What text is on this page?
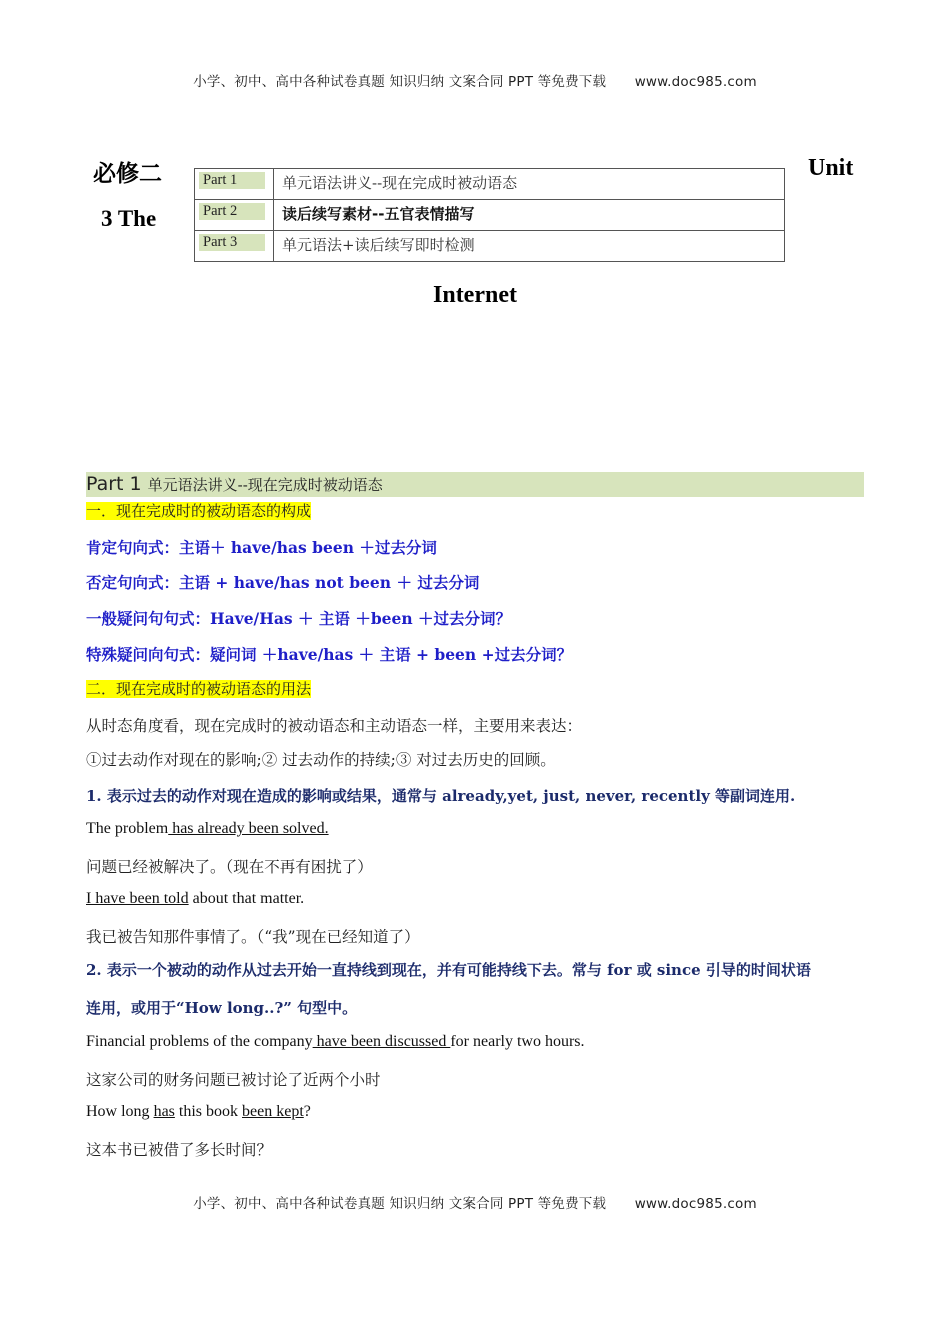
小学、初中、高中各种试卷真题 知识归纳 文案合同 PPT 等免费下载 www.doc985.com
必修二
3 The
Unit
Internet
Part 1	单元语法讲义--现在完成时被动语态

Part 2	读后续写素材--五官表情描写

Part 3	单元语法+读后续写即时检测
Part 1 单元语法讲义--现在完成时被动语态
一．现在完成时的被动语态的构成
肯定句向式：主语＋ have/has been ＋过去分词
否定句向式：主语 + have/has not been ＋ 过去分词
一般疑问句句式：Have/Has ＋ 主语 ＋been ＋过去分词？
特殊疑问向句式：疑问词 ＋have/has ＋ 主语 + been +过去分词？
二．现在完成时的被动语态的用法
从时态角度看，现在完成时的被动语态和主动语态一样，主要用来表达：
①过去动作对现在的影响;② 过去动作的持续;③ 对过去历史的回顾。
1. 表示过去的动作对现在造成的影响或结果，通常与 already,yet, just, never, recently 等副词连用.
The problem has already been solved.
问题已经被解决了。（现在不再有困扰了）
I have been told about that matter.
我已被告知那件事情了。（“我”现在已经知道了）
2. 表示一个被动的动作从过去开始一直持线到现在，并有可能持线下去。常与 for 或 since 引导的时间状语
连用，或用于“How long..?” 句型中。
Financial problems of the company have been discussed for nearly two hours.
这家公司的财务问题已被讨论了近两个小时
How long has this book been kept?
这本书已被借了多长时间？
小学、初中、高中各种试卷真题 知识归纳 文案合同 PPT 等免费下载 www.doc985.com
